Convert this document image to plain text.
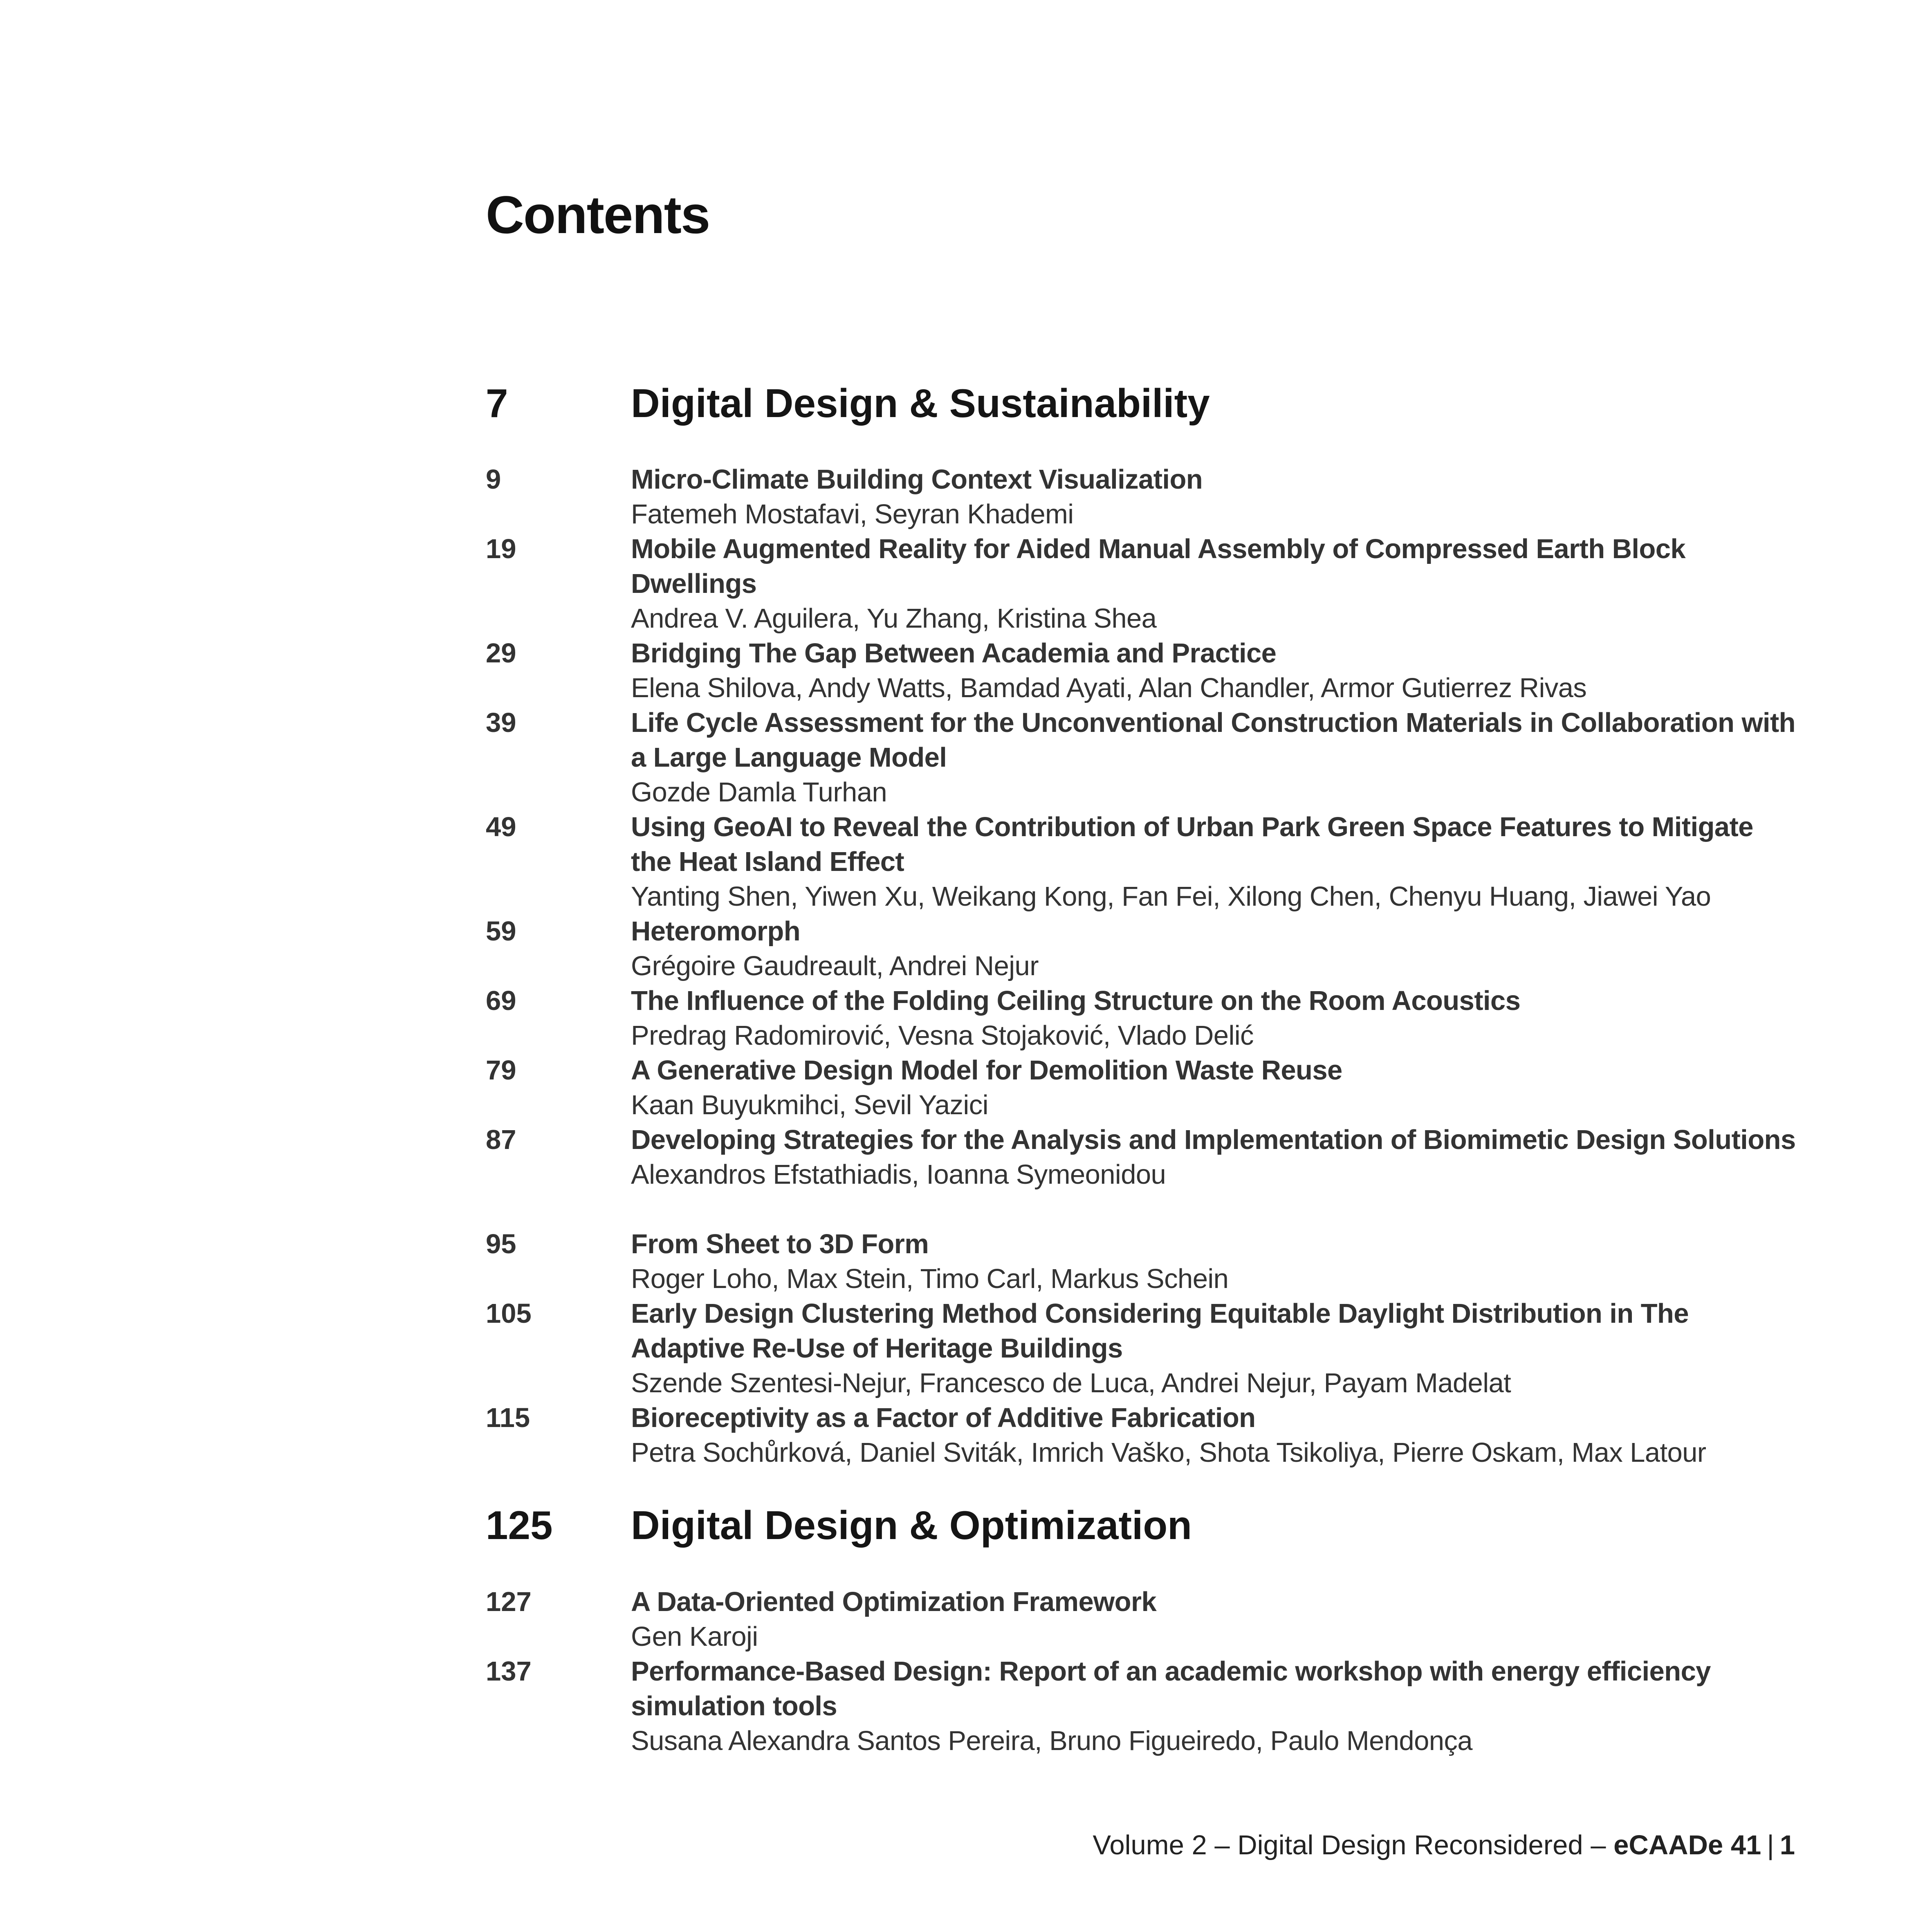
Contents
7	Digital Design & Sustainability
9	Micro-Climate Building Context Visualization
Fatemeh Mostafavi, Seyran Khademi
19	Mobile Augmented Reality for Aided Manual Assembly of Compressed Earth Block Dwellings
Andrea V. Aguilera, Yu Zhang, Kristina Shea
29	Bridging The Gap Between Academia and Practice
Elena Shilova, Andy Watts, Bamdad Ayati, Alan Chandler, Armor Gutierrez Rivas
39	Life Cycle Assessment for the Unconventional Construction Materials in Collaboration with a Large Language Model
Gozde Damla Turhan
49	Using GeoAI to Reveal the Contribution of Urban Park Green Space Features to Mitigate the Heat Island Effect
Yanting Shen, Yiwen Xu, Weikang Kong, Fan Fei, Xilong Chen, Chenyu Huang, Jiawei Yao
59	Heteromorph
Grégoire Gaudreault, Andrei Nejur
69	The Influence of the Folding Ceiling Structure on the Room Acoustics
Predrag Radomirović, Vesna Stojaković, Vlado Delić
79	A Generative Design Model for Demolition Waste Reuse
Kaan Buyukmihci, Sevil Yazici
87	Developing Strategies for the Analysis and Implementation of Biomimetic Design Solutions
Alexandros Efstathiadis, Ioanna Symeonidou
95	From Sheet to 3D Form
Roger Loho, Max Stein, Timo Carl, Markus Schein
105	Early Design Clustering Method Considering Equitable Daylight Distribution in The Adaptive Re-Use of Heritage Buildings
Szende Szentesi-Nejur, Francesco de Luca, Andrei Nejur, Payam Madelat
115	Bioreceptivity as a Factor of Additive Fabrication
Petra Sochůrková, Daniel Sviták, Imrich Vaško, Shota Tsikoliya, Pierre Oskam, Max Latour
125 Digital Design & Optimization
127	A Data-Oriented Optimization Framework
Gen Karoji
137	Performance-Based Design: Report of an academic workshop with energy efficiency simulation tools
Susana Alexandra Santos Pereira, Bruno Figueiredo, Paulo Mendonça
Volume 2 – Digital Design Reconsidered – eCAADe 41 | 1
